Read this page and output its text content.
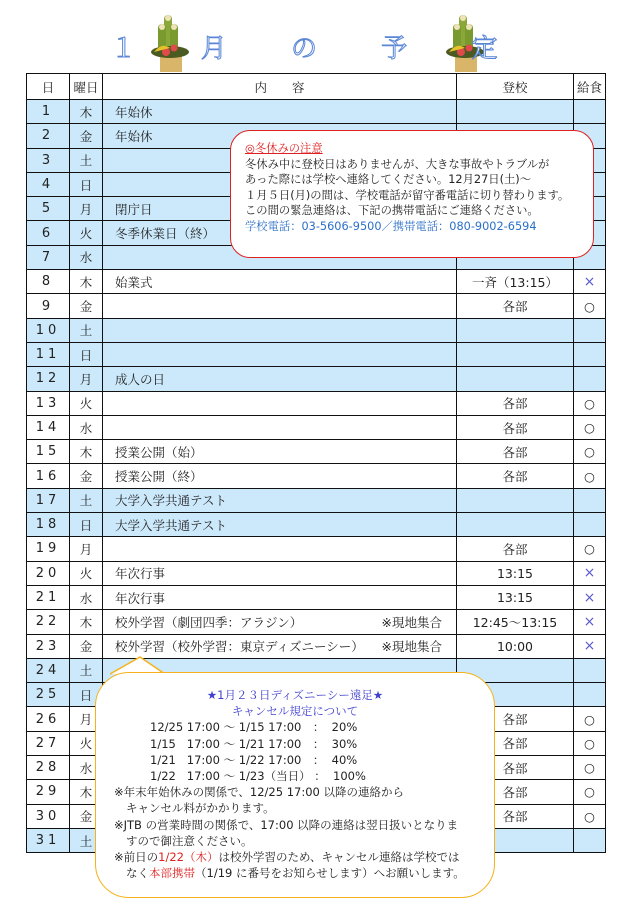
１ 月 の 予 定
日	曜日	内　　容	登校	給食
1	木	年始休

2	金	年始休

3	土	

4	日	

5	月	閉庁日

6	火	冬季休業日（終）

7	水	

8	木	始業式	一斉（13:15）	×
9	金		各部	○
10	土	

11	日	

12	月	成人の日

13	火		各部	○
14	水		各部	○
15	木	授業公開（始）	各部	○
16	金	授業公開（終）	各部	○
17	土	大学入学共通テスト

18	日	大学入学共通テスト

19	月		各部	○
20	火	年次行事	13:15	×
21	水	年次行事	13:15	×
22	木	校外学習（劇団四季：アラジン） ※現地集合	12:45〜13:15	×
23	金	校外学習（校外学習：東京ディズニーシー） ※現地集合	10:00	×
24	土	

25	日	

26	月		各部	○
27	火		各部	○
28	水		各部	○
29	木		各部	○
30	金		各部	○
31	土	

◎冬休みの注意
冬休み中に登校日はありませんが、大きな事故やトラブルが
あった際には学校へ連絡してください。12月27日(土)～
１月５日(月)の間は、学校電話が留守番電話に切り替わります。
この間の緊急連絡は、下記の携帯電話にご連絡ください。
学校電話：03-5606-9500／携帯電話：080-9002-6594
★1月２３日ディズニーシー遠足★
キャンセル規定について
12/25 17:00 ～ 1/15 17:00　：  20%
1/15   17:00 ～ 1/21 17:00　：  30%
1/21   17:00 ～ 1/22 17:00　：  40%
1/22   17:00 ～ 1/23（当日） ：  100%
※年末年始休みの関係で、12/25 17:00 以降の連絡から
キャンセル料がかかります。
※JTB の営業時間の関係で、17:00 以降の連絡は翌日扱いとなりま
すので御注意ください。
※前日の1/22（木）は校外学習のため、キャンセル連絡は学校では
なく本部携帯（1/19 に番号をお知らせします）へお願いします。
